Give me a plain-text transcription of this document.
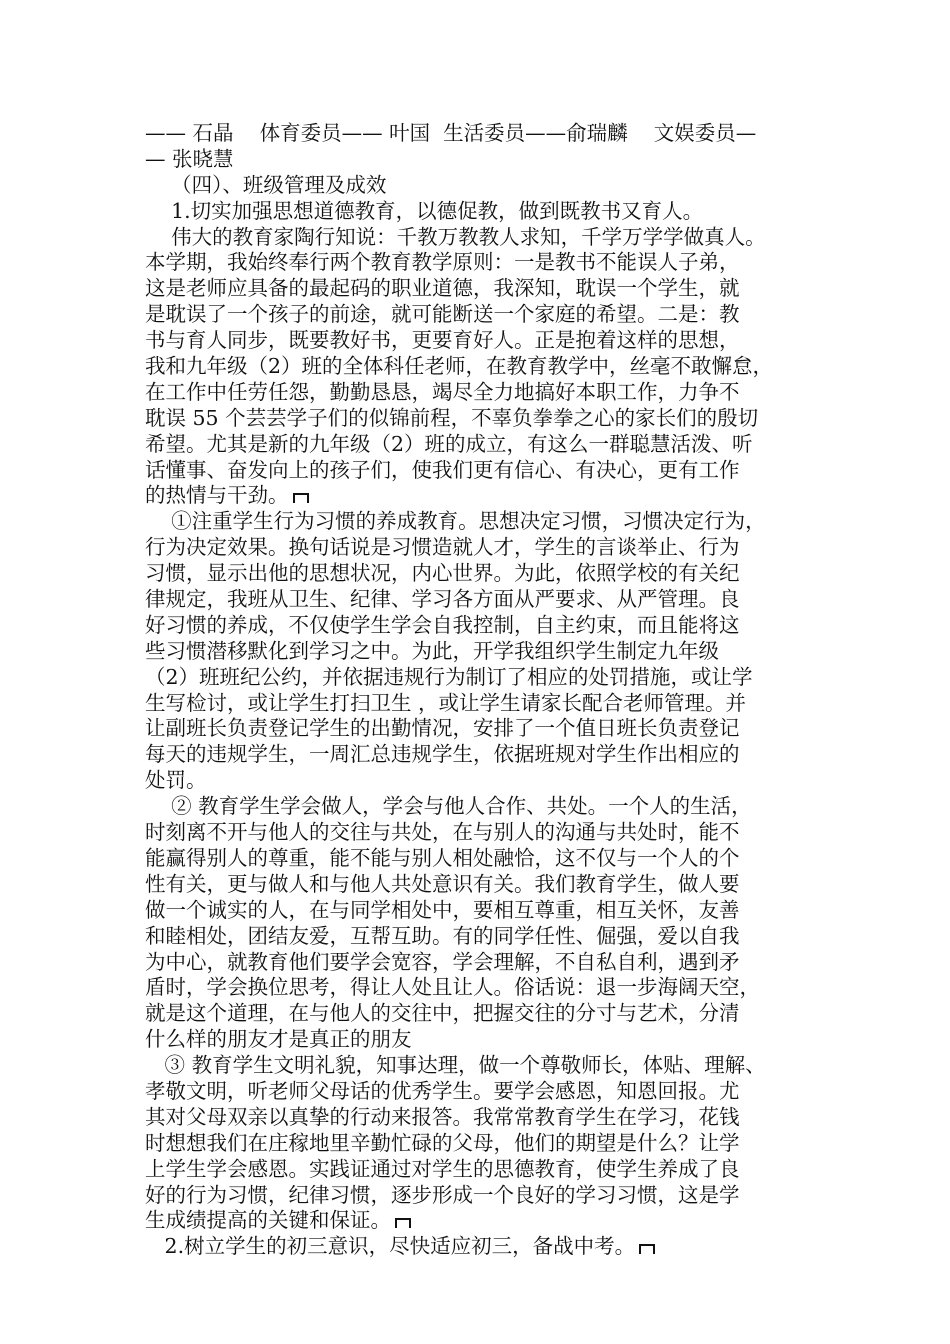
—— 石晶    体育委员—— 叶国  生活委员——俞瑞麟    文娱委员—
— 张晓慧
（四）、班级管理及成效
1.切实加强思想道德教育，以德促教，做到既教书又育人。
伟大的教育家陶行知说：千教万教教人求知，千学万学学做真人。
本学期，我始终奉行两个教育教学原则：一是教书不能误人子弟，
这是老师应具备的最起码的职业道德，我深知，耽误一个学生，就
是耽误了一个孩子的前途，就可能断送一个家庭的希望。二是：教
书与育人同步，既要教好书，更要育好人。正是抱着这样的思想，
我和九年级（2）班的全体科任老师，在教育教学中，丝毫不敢懈怠，
在工作中任劳任怨，勤勤恳恳，竭尽全力地搞好本职工作，力争不
耽误 55 个芸芸学子们的似锦前程，不辜负拳拳之心的家长们的殷切
希望。尤其是新的九年级（2）班的成立，有这么一群聪慧活泼、听
话懂事、奋发向上的孩子们，使我们更有信心、有决心，更有工作
的热情与干劲。
①注重学生行为习惯的养成教育。思想决定习惯，习惯决定行为，
行为决定效果。换句话说是习惯造就人才，学生的言谈举止、行为
习惯，显示出他的思想状况，内心世界。为此，依照学校的有关纪
律规定，我班从卫生、纪律、学习各方面从严要求、从严管理。良
好习惯的养成，不仅使学生学会自我控制，自主约束，而且能将这
些习惯潜移默化到学习之中。为此，开学我组织学生制定九年级
（2）班班纪公约，并依据违规行为制订了相应的处罚措施，或让学
生写检讨，或让学生打扫卫生 ，或让学生请家长配合老师管理。并
让副班长负责登记学生的出勤情况，安排了一个值日班长负责登记
每天的违规学生，一周汇总违规学生，依据班规对学生作出相应的
处罚。
② 教育学生学会做人，学会与他人合作、共处。一个人的生活，
时刻离不开与他人的交往与共处，在与别人的沟通与共处时，能不
能赢得别人的尊重，能不能与别人相处融恰，这不仅与一个人的个
性有关，更与做人和与他人共处意识有关。我们教育学生，做人要
做一个诚实的人，在与同学相处中，要相互尊重，相互关怀，友善
和睦相处，团结友爱，互帮互助。有的同学任性、倔强，爱以自我
为中心，就教育他们要学会宽容，学会理解，不自私自利，遇到矛
盾时，学会换位思考，得让人处且让人。俗话说：退一步海阔天空，
就是这个道理，在与他人的交往中，把握交往的分寸与艺术，分清
什么样的朋友才是真正的朋友
③ 教育学生文明礼貌，知事达理，做一个尊敬师长，体贴、理解、
孝敬文明，听老师父母话的优秀学生。要学会感恩，知恩回报。尤
其对父母双亲以真挚的行动来报答。我常常教育学生在学习，花钱
时想想我们在庄稼地里辛勤忙碌的父母，他们的期望是什么？让学
上学生学会感恩。实践证通过对学生的思德教育，使学生养成了良
好的行为习惯，纪律习惯，逐步形成一个良好的学习习惯，这是学
生成绩提高的关键和保证。
2.树立学生的初三意识，尽快适应初三，备战中考。
